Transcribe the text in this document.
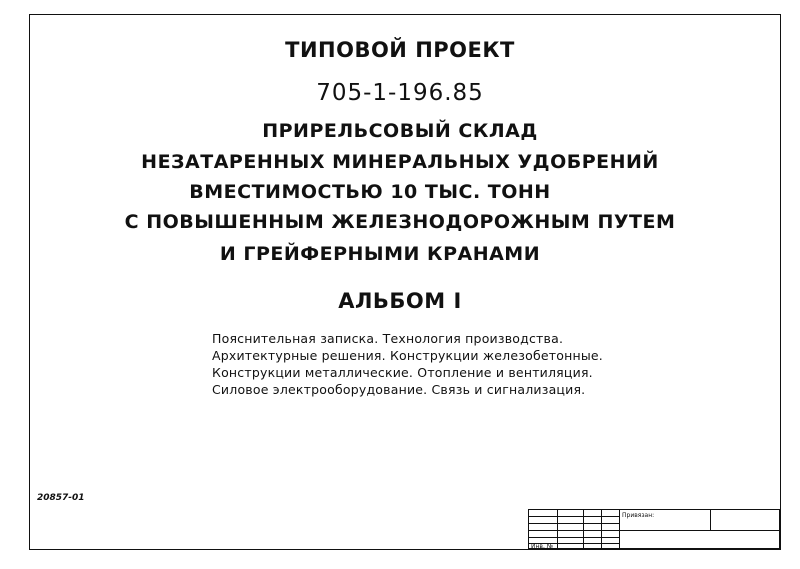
ТИПОВОЙ ПРОЕКТ
705-1-196.85
ПРИРЕЛЬСОВЫЙ СКЛАД
НЕЗАТАРЕННЫХ МИНЕРАЛЬНЫХ УДОБРЕНИЙ
ВМЕСТИМОСТЬЮ 10 ТЫС. ТОНН
С ПОВЫШЕННЫМ ЖЕЛЕЗНОДОРОЖНЫМ ПУТЕМ
И ГРЕЙФЕРНЫМИ КРАНАМИ
АЛЬБОМ I
Пояснительная записка. Технология производства.
Архитектурные решения. Конструкции железобетонные.
Конструкции металлические. Отопление и вентиляция.
Силовое электрооборудование. Связь и сигнализация.
20857-01
Привязан:
Инв. №
